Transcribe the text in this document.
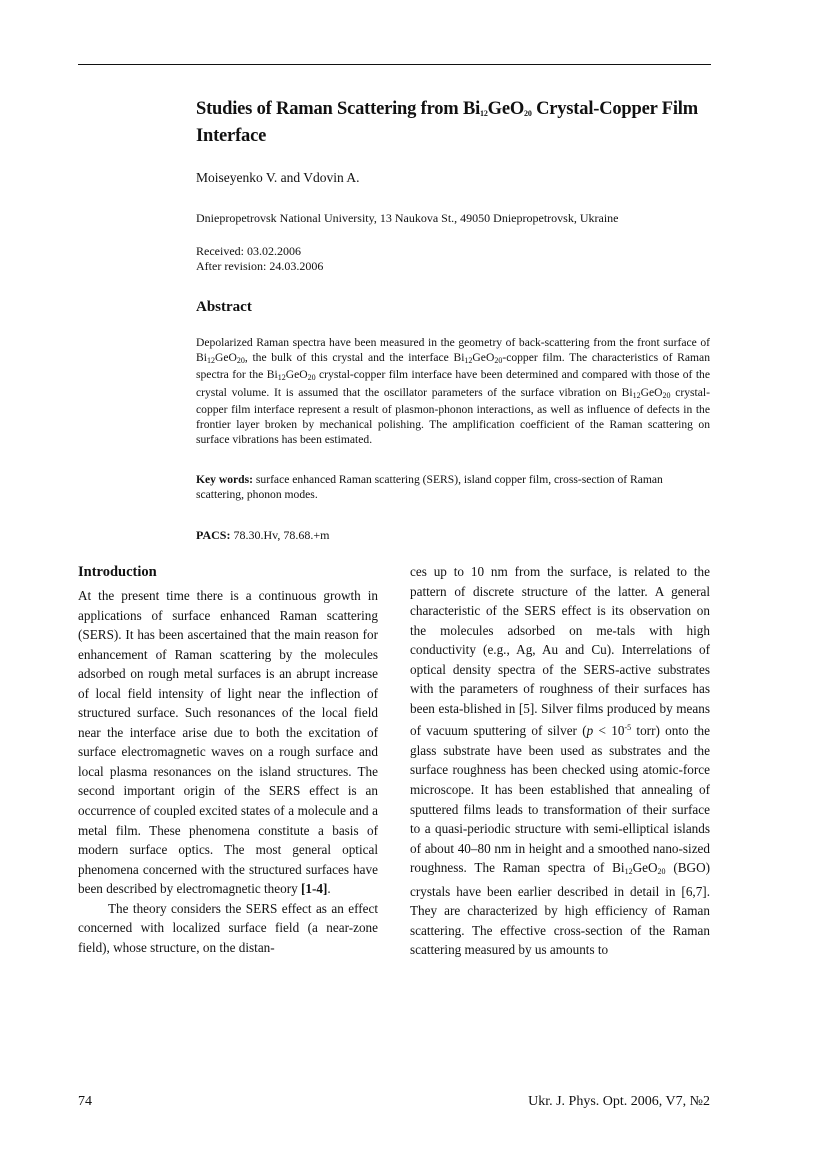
Studies of Raman Scattering from $Bi_{12}GeO_{20}$ Crystal-Copper Film Interface
Moiseyenko V. and Vdovin A.
Dniepropetrovsk National University, 13 Naukova St., 49050 Dniepropetrovsk, Ukraine
Received: 03.02.2006
After revision: 24.03.2006
Abstract
Depolarized Raman spectra have been measured in the geometry of back-scattering from the front surface of $Bi_{12}GeO_{20}$, the bulk of this crystal and the interface $Bi_{12}GeO_{20}$-copper film. The characteristics of Raman spectra for the $Bi_{12}GeO_{20}$ crystal-copper film interface have been determined and compared with those of the crystal volume. It is assumed that the oscillator parameters of the surface vibration on $Bi_{12}GeO_{20}$ crystal-copper film interface represent a result of plasmon-phonon interactions, as well as influence of defects in the frontier layer broken by mechanical polishing. The amplification coefficient of the Raman scattering on surface vibrations has been estimated.
Key words: surface enhanced Raman scattering (SERS), island copper film, cross-section of Raman scattering, phonon modes.
PACS: 78.30.Hv, 78.68.+m
Introduction

At the present time there is a continuous growth in applications of surface enhanced Raman scattering (SERS). It has been ascertained that the main reason for enhancement of Raman scattering by the molecules adsorbed on rough metal surfaces is an abrupt increase of local field intensity of light near the inflection of structured surface. Such resonances of the local field near the interface arise due to both the excitation of surface electromagnetic waves on a rough surface and local plasma resonances on the island structures. The second important origin of the SERS effect is an occurrence of coupled excited states of a molecule and a metal film. These phenomena constitute a basis of modern surface optics. The most general optical phenomena concerned with the structured surfaces have been described by electromagnetic theory [1-4].

The theory considers the SERS effect as an effect concerned with localized surface field (a near-zone field), whose structure, on the distan-

ces up to 10 nm from the surface, is related to the pattern of discrete structure of the latter. A general characteristic of the SERS effect is its observation on the molecules adsorbed on me-tals with high conductivity (e.g., Ag, Au and Cu). Interrelations of optical density spectra of the SERS-active substrates with the parameters of roughness of their surfaces has been esta-blished in [5]. Silver films produced by means of vacuum sputtering of silver ($p < 10^{-5}$ torr) onto the glass substrate have been used as substrates and the surface roughness has been checked using atomic-force microscope. It has been established that annealing of sputtered films leads to transformation of their surface to a quasi-periodic structure with semi-elliptical islands of about 40–80 nm in height and a smoothed nano-sized roughness. The Raman spectra of $Bi_{12}GeO_{20}$ (BGO) crystals have been earlier described in detail in [6,7]. They are characterized by high efficiency of Raman scattering. The effective cross-section of the Raman scattering measured by us amounts to

74	Ukr. J. Phys. Opt. 2006, V7, №2
